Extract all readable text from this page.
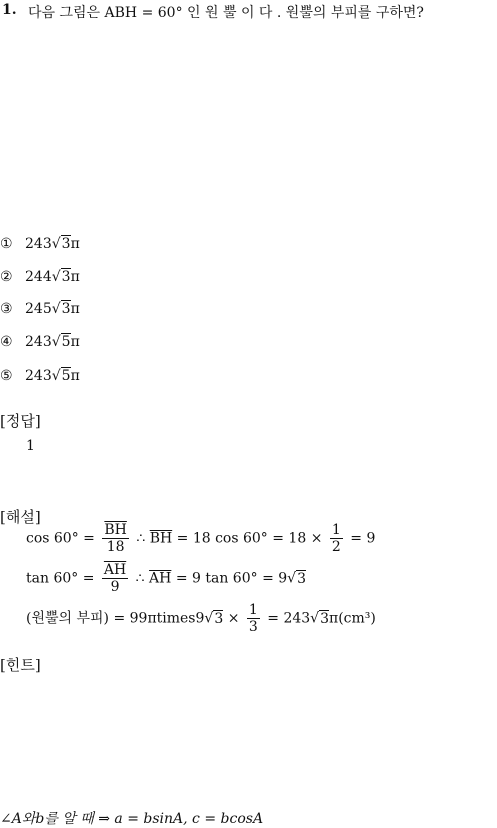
1. 다음 그림은 ABH = 60° 인 원 뿔 이 다 . 원뿔의 부피를 구하면?
① 243√3π
② 244√3π
③ 245√3π
④ 243√5π
⑤ 243√5π
[정답]
1
[해설]
$\cos 60^\circ = \frac{\overline{BH}}{18}$ ∴ $\overline{BH} = 18$ $\cos 60^\circ = 18 \times \frac{1}{2} = 9$
$\tan 60^\circ = \frac{\overline{AH}}{9}$ ∴ $\overline{AH} = 9$ tan 60° = 9√3
(원뿔의 부피) = 99πtimes9√3 × $\frac{1}{3} = 243√3\pi(cm^3)$
[힌트]
∠A와b를 알 때 ⇒ a = bsinA, c = bcosA
